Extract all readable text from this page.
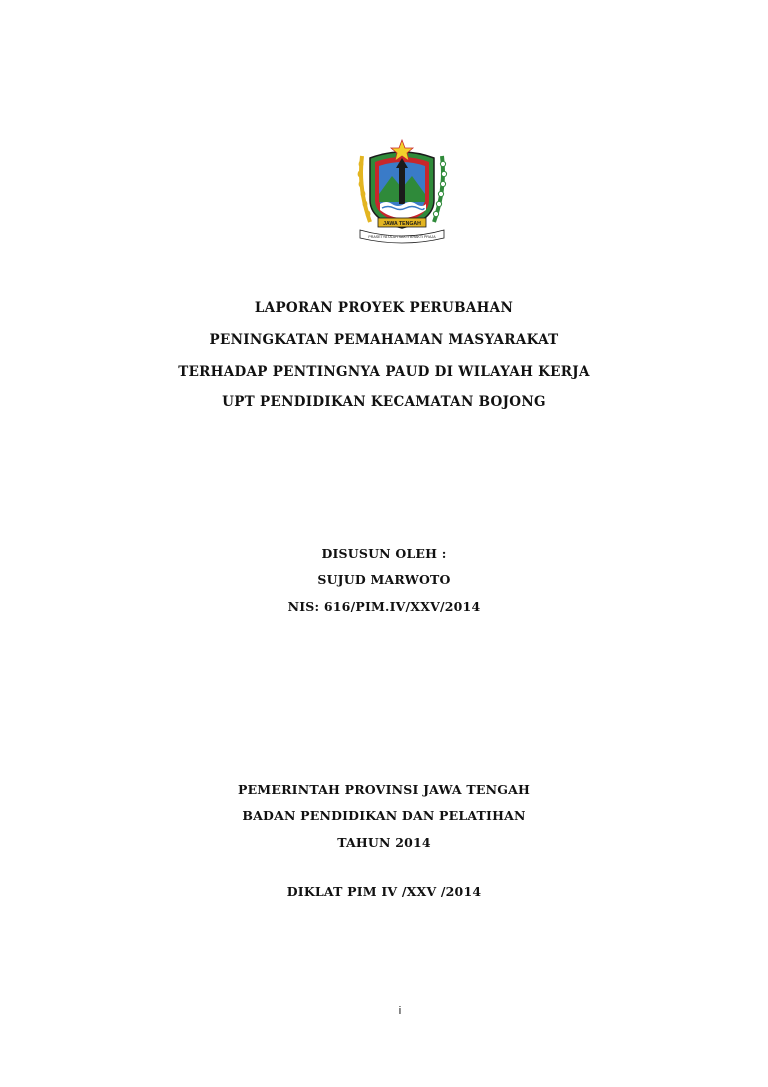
JAWA TENGAH
PRASETYA ULAH SAKTI BHAKTI PRAJA
LAPORAN PROYEK PERUBAHAN
PENINGKATAN PEMAHAMAN MASYARAKAT
TERHADAP PENTINGNYA PAUD DI WILAYAH KERJA
UPT PENDIDIKAN KECAMATAN BOJONG
DISUSUN OLEH :
SUJUD MARWOTO
NIS: 616/PIM.IV/XXV/2014
PEMERINTAH PROVINSI JAWA TENGAH
BADAN PENDIDIKAN DAN PELATIHAN
TAHUN 2014
DIKLAT PIM IV /XXV /2014
i
